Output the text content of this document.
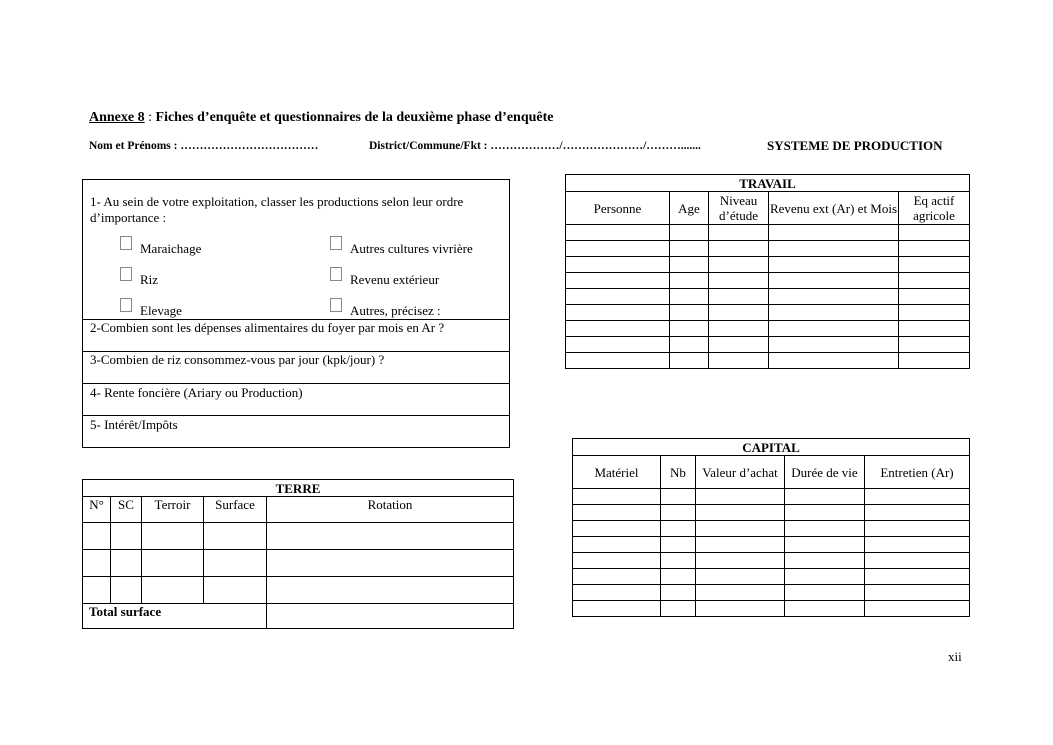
Annexe 8 : Fiches d’enquête et questionnaires de la deuxième phase d’enquête
Nom et Prénoms : ………………………………	District/Commune/Fkt : ………………/…………………/……….......	SYSTEME DE PRODUCTION
1- Au sein de votre exploitation, classer les productions selon leur ordre d’importance :
Maraichage	Autres cultures vivrière
Riz	Revenu extérieur
Elevage	Autres, précisez :
2-Combien sont les dépenses alimentaires du foyer par mois en Ar ?
3-Combien de riz consommez-vous par jour (kpk/jour) ?
4- Rente foncière (Ariary ou Production)
5- Intérêt/Impôts
TERRE				
N°	SC	Terroir	Surface	Rotation

Total surface				
TRAVAIL				
Personne	Age	Niveau d’étude	Revenu ext (Ar) et Mois	Eq actif agricole

CAPITAL				
Matériel	Nb	Valeur d’achat	Durée de vie	Entretien (Ar)

xii
